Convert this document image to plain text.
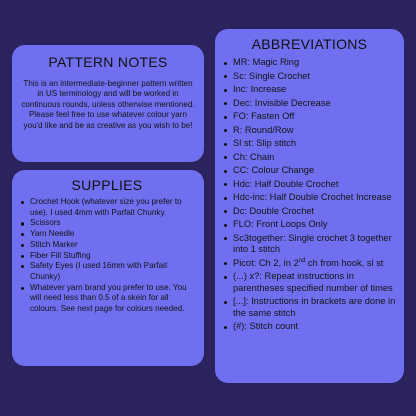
PATTERN NOTES

This is an intermediate-beginner pattern written in US terminology and will be worked in continuous rounds, unless otherwise mentioned. Please feel free to use whatever colour yarn you'd like and be as creative as you wish to be!

SUPPLIES
Crochet Hook (whatever size you prefer to use). I used 4mm with Parfait Chunky.
Scissors
Yarn Needle
Stitch Marker
Fiber Fill Stuffing
Safety Eyes (I used 16mm with Parfait Chunky)
Whatever yarn brand you prefer to use. You will need less than 0.5 of a skein for all colours. See next page for colours needed.
ABBREVIATIONS
MR: Magic Ring
Sc: Single Crochet
Inc: Increase
Dec: Invisible Decrease
FO: Fasten Off
R: Round/Row
Sl st: Slip stitch
Ch: Chain
CC: Colour Change
Hdc: Half Double Crochet
Hdc-inc: Half Double Crochet Increase
Dc: Double Crochet
FLO: Front Loops Only
Sc3together: Single crochet 3 together into 1 stitch
Picot: Ch 2, in 2nd ch from hook, sl st
(...) x?: Repeat instructions in parentheses specified number of times
[...]: Instructions in brackets are done in the same stitch
(#): Stitch count
